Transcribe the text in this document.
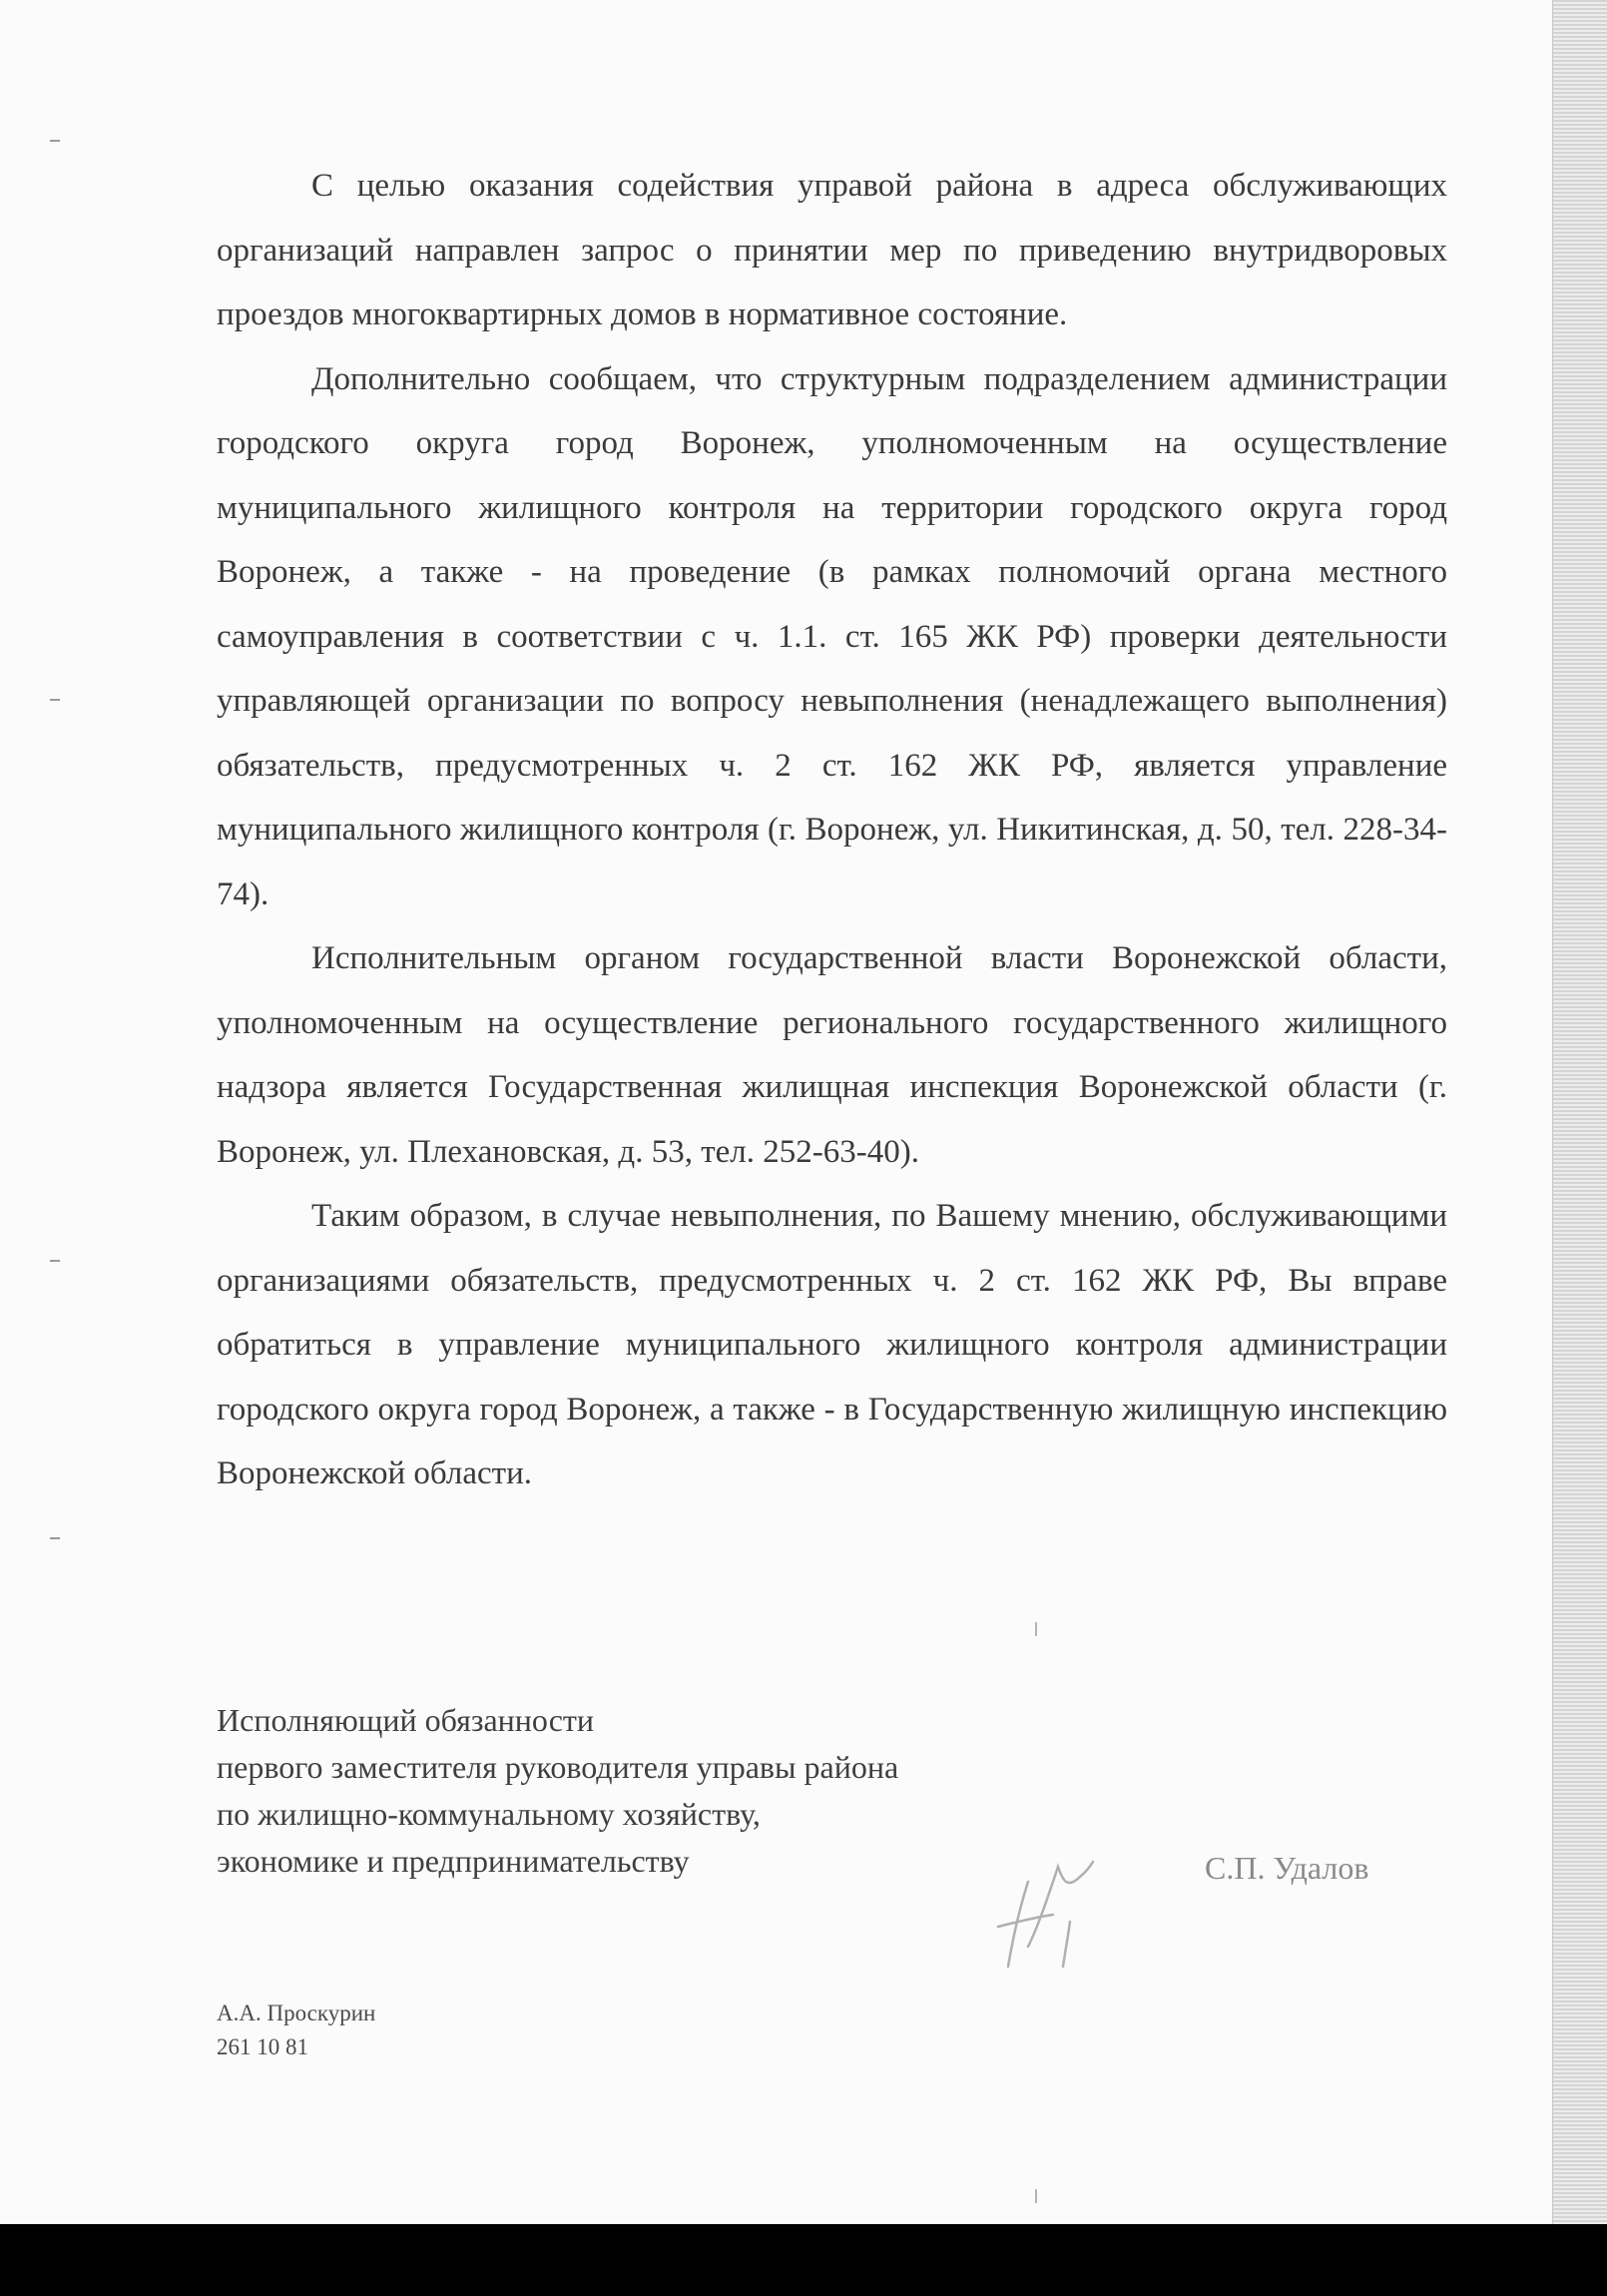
С целью оказания содействия управой района в адреса обслуживающих организаций направлен запрос о принятии мер по приведению внутридворовых проездов многоквартирных домов в нормативное состояние.

Дополнительно сообщаем, что структурным подразделением администрации городского округа город Воронеж, уполномоченным на осуществление муниципального жилищного контроля на территории городского округа город Воронеж, а также - на проведение (в рамках полномочий органа местного самоуправления в соответствии с ч. 1.1. ст. 165 ЖК РФ) проверки деятельности управляющей организации по вопросу невыполнения (ненадлежащего выполнения) обязательств, предусмотренных ч. 2 ст. 162 ЖК РФ, является управление муниципального жилищного контроля (г. Воронеж, ул. Никитинская, д. 50, тел. 228-34-74).

Исполнительным органом государственной власти Воронежской области, уполномоченным на осуществление регионального государственного жилищного надзора является Государственная жилищная инспекция Воронежской области (г. Воронеж, ул. Плехановская, д. 53, тел. 252-63-40).

Таким образом, в случае невыполнения, по Вашему мнению, обслуживающими организациями обязательств, предусмотренных ч. 2 ст. 162 ЖК РФ, Вы вправе обратиться в управление муниципального жилищного контроля администрации городского округа город Воронеж, а также - в Государственную жилищную инспекцию Воронежской области.

Исполняющий обязанности
первого заместителя руководителя управы района
по жилищно-коммунальному хозяйству,
экономике и предпринимательству	С.П. Удалов
А.А. Проскурин
261 10 81
